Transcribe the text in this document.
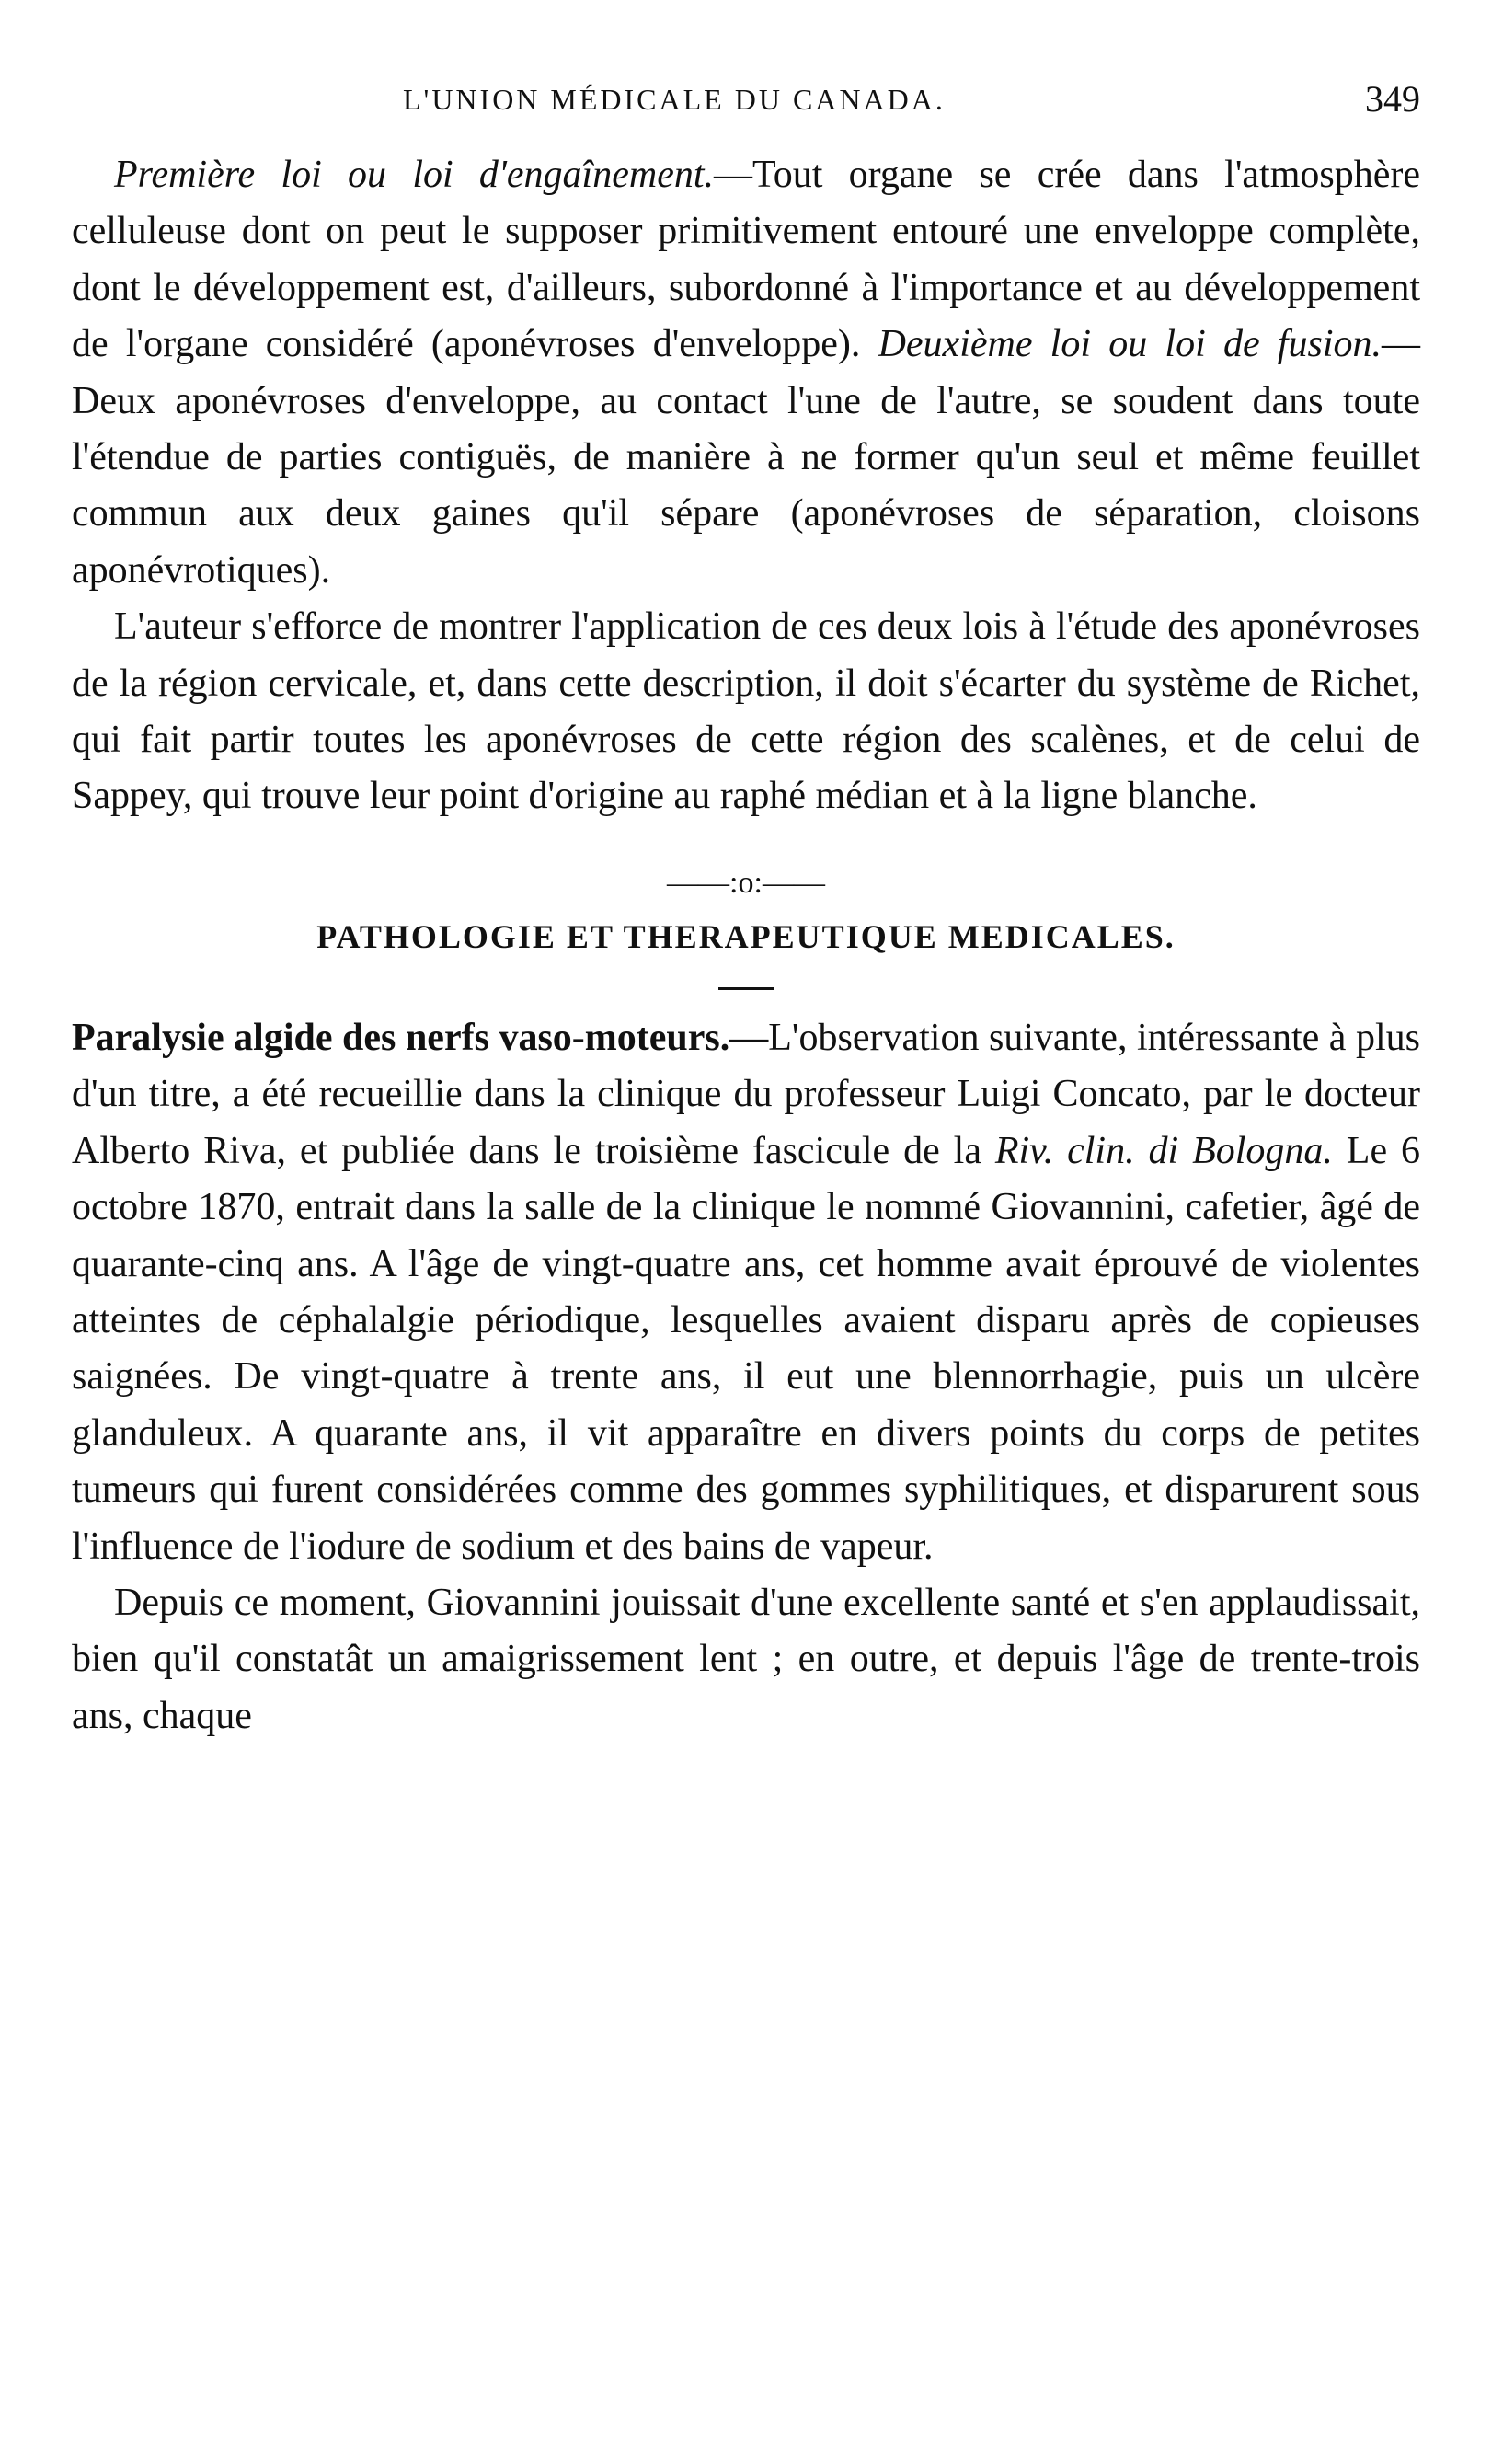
L'UNION MÉDICALE DU CANADA.	349

Première loi ou loi d'engaînement.—Tout organe se crée dans l'atmosphère celluleuse dont on peut le supposer primitivement entouré une enveloppe complète, dont le développement est, d'ailleurs, subordonné à l'importance et au développement de l'organe considéré (aponévroses d'enveloppe). Deuxième loi ou loi de fusion.—Deux aponévroses d'enveloppe, au contact l'une de l'autre, se soudent dans toute l'étendue de parties contiguës, de manière à ne former qu'un seul et même feuillet commun aux deux gaines qu'il sépare (aponévroses de séparation, cloisons aponévrotiques).

L'auteur s'efforce de montrer l'application de ces deux lois à l'étude des aponévroses de la région cervicale, et, dans cette description, il doit s'écarter du système de Richet, qui fait partir toutes les aponévroses de cette région des scalènes, et de celui de Sappey, qui trouve leur point d'origine au raphé médian et à la ligne blanche.

——:o:——
PATHOLOGIE ET THERAPEUTIQUE MEDICALES.

Paralysie algide des nerfs vaso-moteurs.—L'observation suivante, intéressante à plus d'un titre, a été recueillie dans la clinique du professeur Luigi Concato, par le docteur Alberto Riva, et publiée dans le troisième fascicule de la Riv. clin. di Bologna. Le 6 octobre 1870, entrait dans la salle de la clinique le nommé Giovannini, cafetier, âgé de quarante-cinq ans. A l'âge de vingt-quatre ans, cet homme avait éprouvé de violentes atteintes de céphalalgie périodique, lesquelles avaient disparu après de copieuses saignées. De vingt-quatre à trente ans, il eut une blennorrhagie, puis un ulcère glanduleux. A quarante ans, il vit apparaître en divers points du corps de petites tumeurs qui furent considérées comme des gommes syphilitiques, et disparurent sous l'influence de l'iodure de sodium et des bains de vapeur.

Depuis ce moment, Giovannini jouissait d'une excellente santé et s'en applaudissait, bien qu'il constatât un amaigrissement lent ; en outre, et depuis l'âge de trente-trois ans, chaque
